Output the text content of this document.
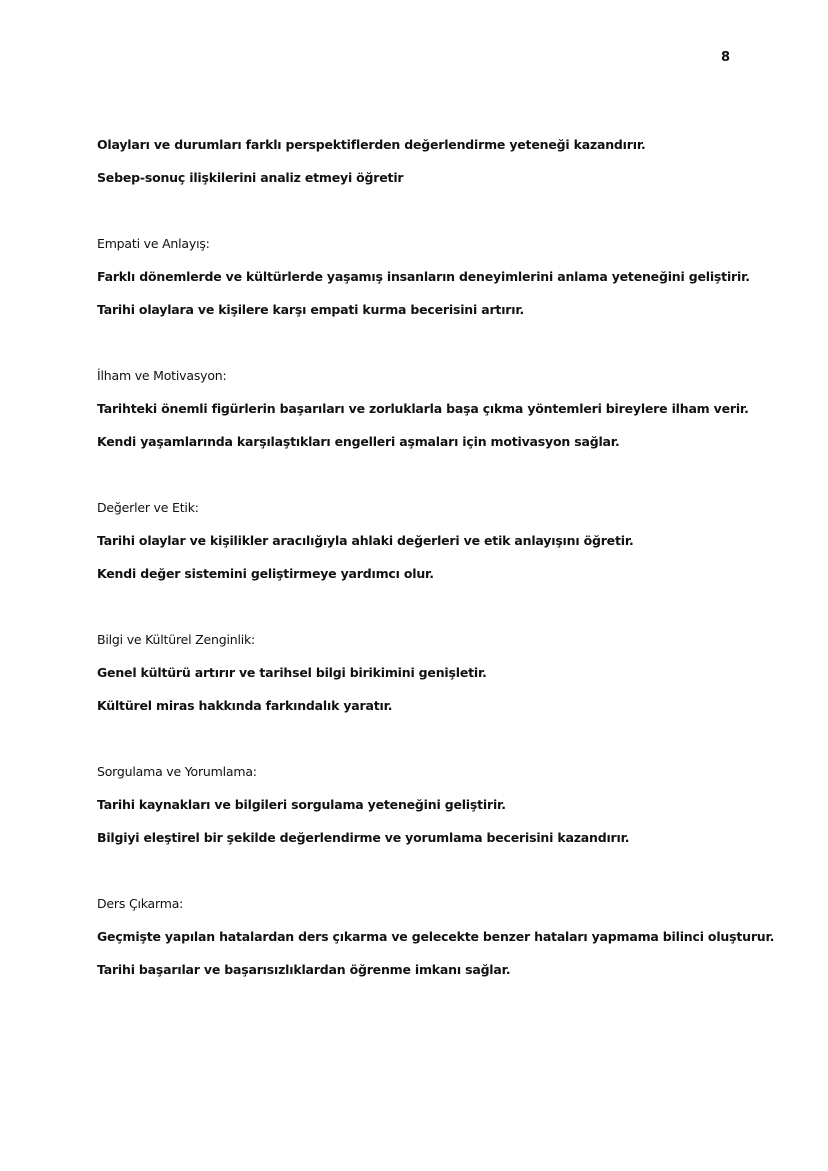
8
Olayları ve durumları farklı perspektiflerden değerlendirme yeteneği kazandırır.
Sebep-sonuç ilişkilerini analiz etmeyi öğretir
Empati ve Anlayış:
Farklı dönemlerde ve kültürlerde yaşamış insanların deneyimlerini anlama yeteneğini geliştirir.
Tarihi olaylara ve kişilere karşı empati kurma becerisini artırır.
İlham ve Motivasyon:
Tarihteki önemli figürlerin başarıları ve zorluklarla başa çıkma yöntemleri bireylere ilham verir.
Kendi yaşamlarında karşılaştıkları engelleri aşmaları için motivasyon sağlar.
Değerler ve Etik:
Tarihi olaylar ve kişilikler aracılığıyla ahlaki değerleri ve etik anlayışını öğretir.
Kendi değer sistemini geliştirmeye yardımcı olur.
Bilgi ve Kültürel Zenginlik:
Genel kültürü artırır ve tarihsel bilgi birikimini genişletir.
Kültürel miras hakkında farkındalık yaratır.
Sorgulama ve Yorumlama:
Tarihi kaynakları ve bilgileri sorgulama yeteneğini geliştirir.
Bilgiyi eleştirel bir şekilde değerlendirme ve yorumlama becerisini kazandırır.
Ders Çıkarma:
Geçmişte yapılan hatalardan ders çıkarma ve gelecekte benzer hataları yapmama bilinci oluşturur.
Tarihi başarılar ve başarısızlıklardan öğrenme imkanı sağlar.
